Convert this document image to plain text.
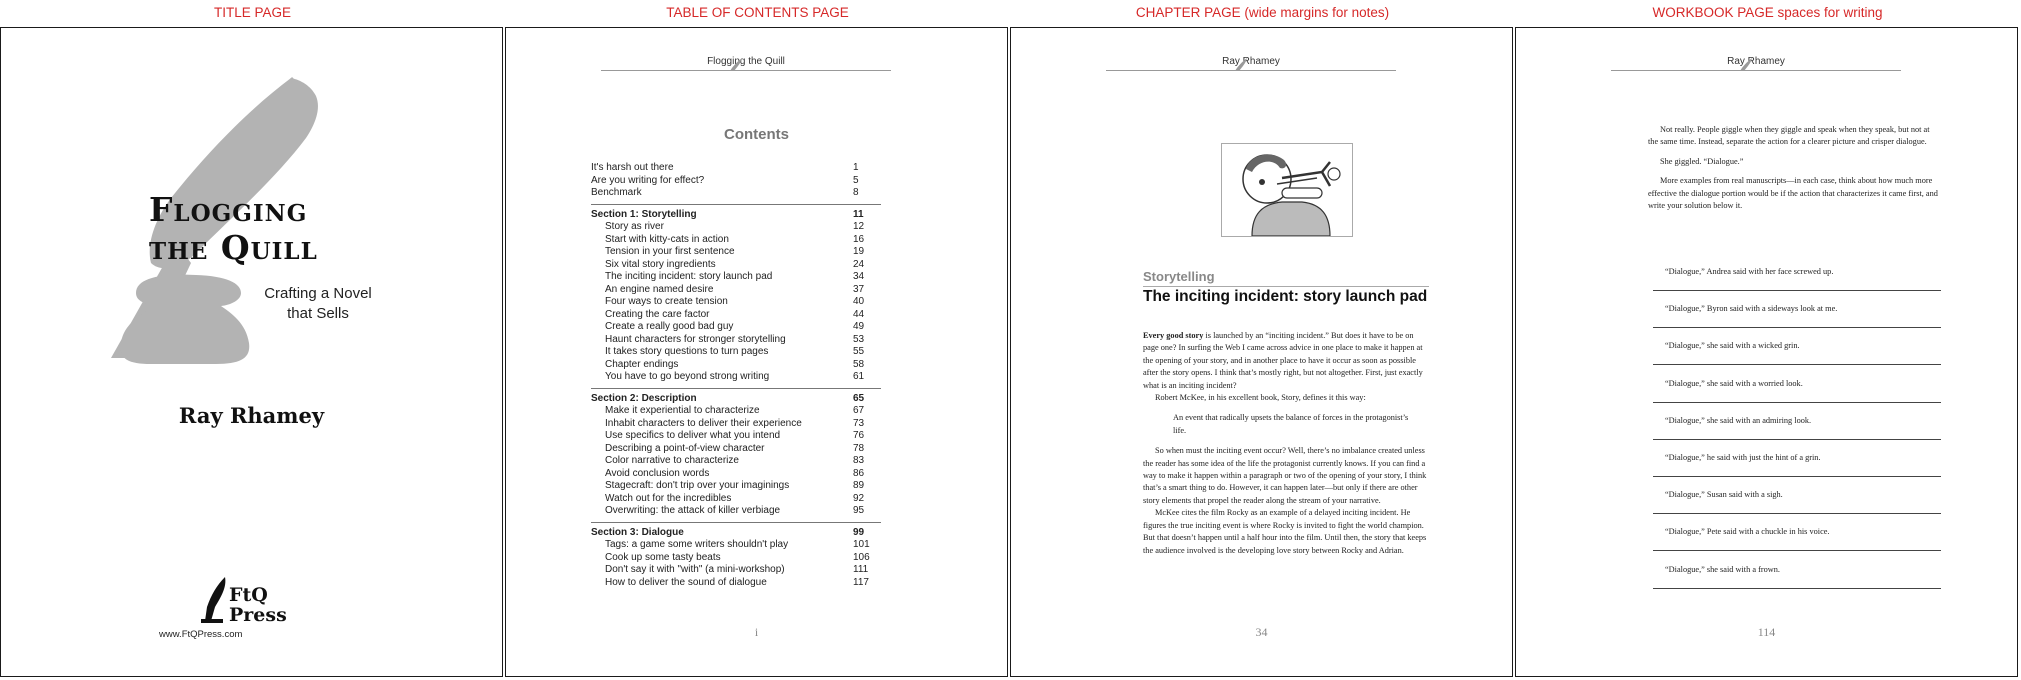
TITLE PAGE	TABLE OF CONTENTS PAGE	CHAPTER PAGE (wide margins for notes)	WORKBOOK PAGE spaces for writing
Flogging
the Quill
Crafting a Novel
that Sells
Ray Rhamey
FtQ
Press
www.FtQPress.com
Flogging the Quill
Contents
It's harsh out there	1
Are you writing for effect?	5
Benchmark	8
Section 1: Storytelling	11
Story as river	12
Start with kitty-cats in action	16
Tension in your first sentence	19
Six vital story ingredients	24
The inciting incident: story launch pad	34
An engine named desire	37
Four ways to create tension	40
Creating the care factor	44
Create a really good bad guy	49
Haunt characters for stronger storytelling	53
It takes story questions to turn pages	55
Chapter endings	58
You have to go beyond strong writing	61
Section 2: Description	65
Make it experiential to characterize	67
Inhabit characters to deliver their experience	73
Use specifics to deliver what you intend	76
Describing a point-of-view character	78
Color narrative to characterize	83
Avoid conclusion words	86
Stagecraft: don't trip over your imaginings	89
Watch out for the incredibles	92
Overwriting: the attack of killer verbiage	95
Section 3: Dialogue	99
Tags: a game some writers shouldn't play	101
Cook up some tasty beats	106
Don't say it with "with" (a mini-workshop)	111
How to deliver the sound of dialogue	117
i
Ray Rhamey
Storytelling
The inciting incident: story launch pad

Every good story is launched by an “inciting incident.” But does it have to be on page one? In surfing the Web I came across advice in one place to make it happen at the opening of your story, and in another place to have it occur as soon as possible after the story opens. I think that’s mostly right, but not altogether. First, just exactly what is an inciting incident?

Robert McKee, in his excellent book, Story, defines it this way:

An event that radically upsets the balance of forces in the protagonist’s life.

So when must the inciting event occur? Well, there’s no imbalance created unless the reader has some idea of the life the protagonist currently knows. If you can find a way to make it happen within a paragraph or two of the opening of your story, I think that’s a smart thing to do. However, it can happen later—but only if there are other story elements that propel the reader along the stream of your narrative.

McKee cites the film Rocky as an example of a delayed inciting incident. He figures the true inciting event is where Rocky is invited to fight the world champion. But that doesn’t happen until a half hour into the film. Until then, the story that keeps the audience involved is the developing love story between Rocky and Adrian.

34
Ray Rhamey

Not really. People giggle when they giggle and speak when they speak, but not at the same time. Instead, separate the action for a clearer picture and crisper dialogue.

She giggled. “Dialogue.”

More examples from real manuscripts—in each case, think about how much more effective the dialogue portion would be if the action that characterizes it came first, and write your solution below it.

“Dialogue,” Andrea said with her face screwed up.
“Dialogue,” Byron said with a sideways look at me.
“Dialogue,” she said with a wicked grin.
“Dialogue,” she said with a worried look.
“Dialogue,” she said with an admiring look.
“Dialogue,” he said with just the hint of a grin.
“Dialogue,” Susan said with a sigh.
“Dialogue,” Pete said with a chuckle in his voice.
“Dialogue,” she said with a frown.
114
